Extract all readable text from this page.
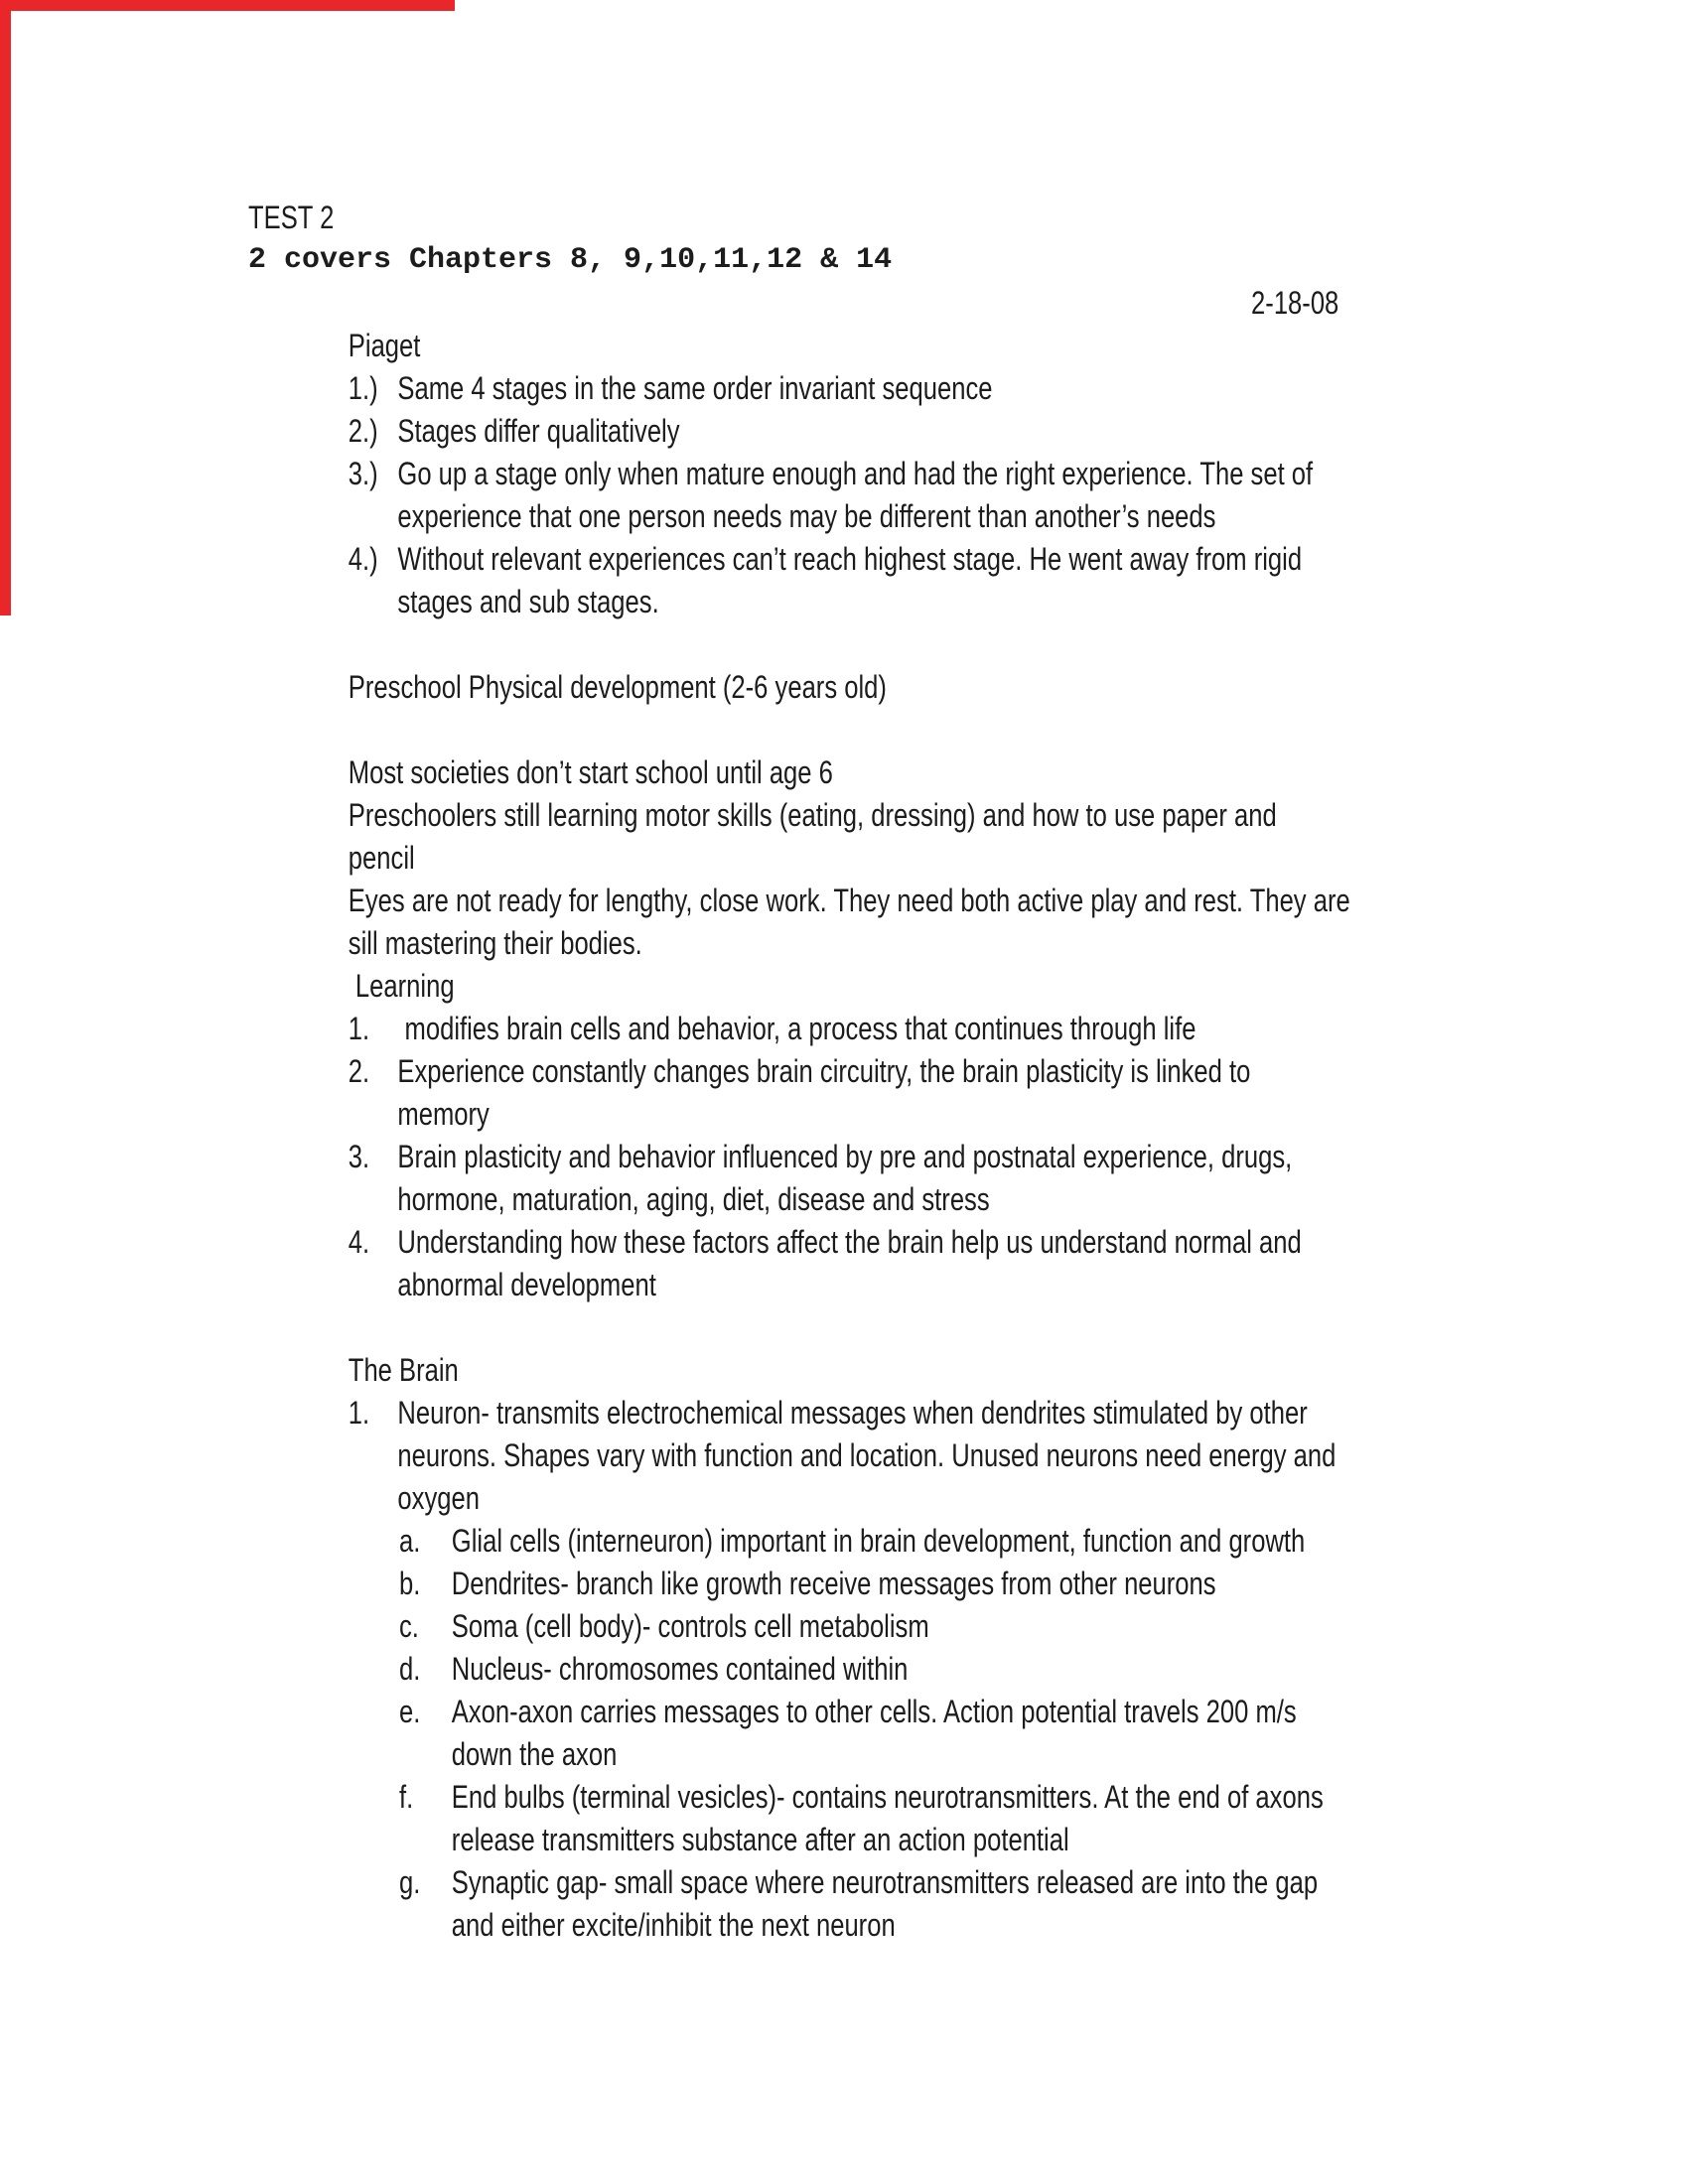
TEST 2
2 covers Chapters 8, 9,10,11,12 & 14
2-18-08
Piaget
1.) Same 4 stages in the same order invariant sequence
2.) Stages differ qualitatively
3.) Go up a stage only when mature enough and had the right experience. The set of
experience that one person needs may be different than another’s needs
4.) Without relevant experiences can’t reach highest stage. He went away from rigid
stages and sub stages.
Preschool Physical development (2-6 years old)
Most societies don’t start school until age 6
Preschoolers still learning motor skills (eating, dressing) and how to use paper and
pencil
Eyes are not ready for lengthy, close work. They need both active play and rest. They are
sill mastering their bodies.
Learning
1. modifies brain cells and behavior, a process that continues through life
2. Experience constantly changes brain circuitry, the brain plasticity is linked to
memory
3. Brain plasticity and behavior influenced by pre and postnatal experience, drugs,
hormone, maturation, aging, diet, disease and stress
4. Understanding how these factors affect the brain help us understand normal and
abnormal development
The Brain
1. Neuron- transmits electrochemical messages when dendrites stimulated by other
neurons. Shapes vary with function and location. Unused neurons need energy and
oxygen
a. Glial cells (interneuron) important in brain development, function and growth
b. Dendrites- branch like growth receive messages from other neurons
c. Soma (cell body)- controls cell metabolism
d. Nucleus- chromosomes contained within
e. Axon-axon carries messages to other cells. Action potential travels 200 m/s
down the axon
f. End bulbs (terminal vesicles)- contains neurotransmitters. At the end of axons
release transmitters substance after an action potential
g. Synaptic gap- small space where neurotransmitters released are into the gap
and either excite/inhibit the next neuron
